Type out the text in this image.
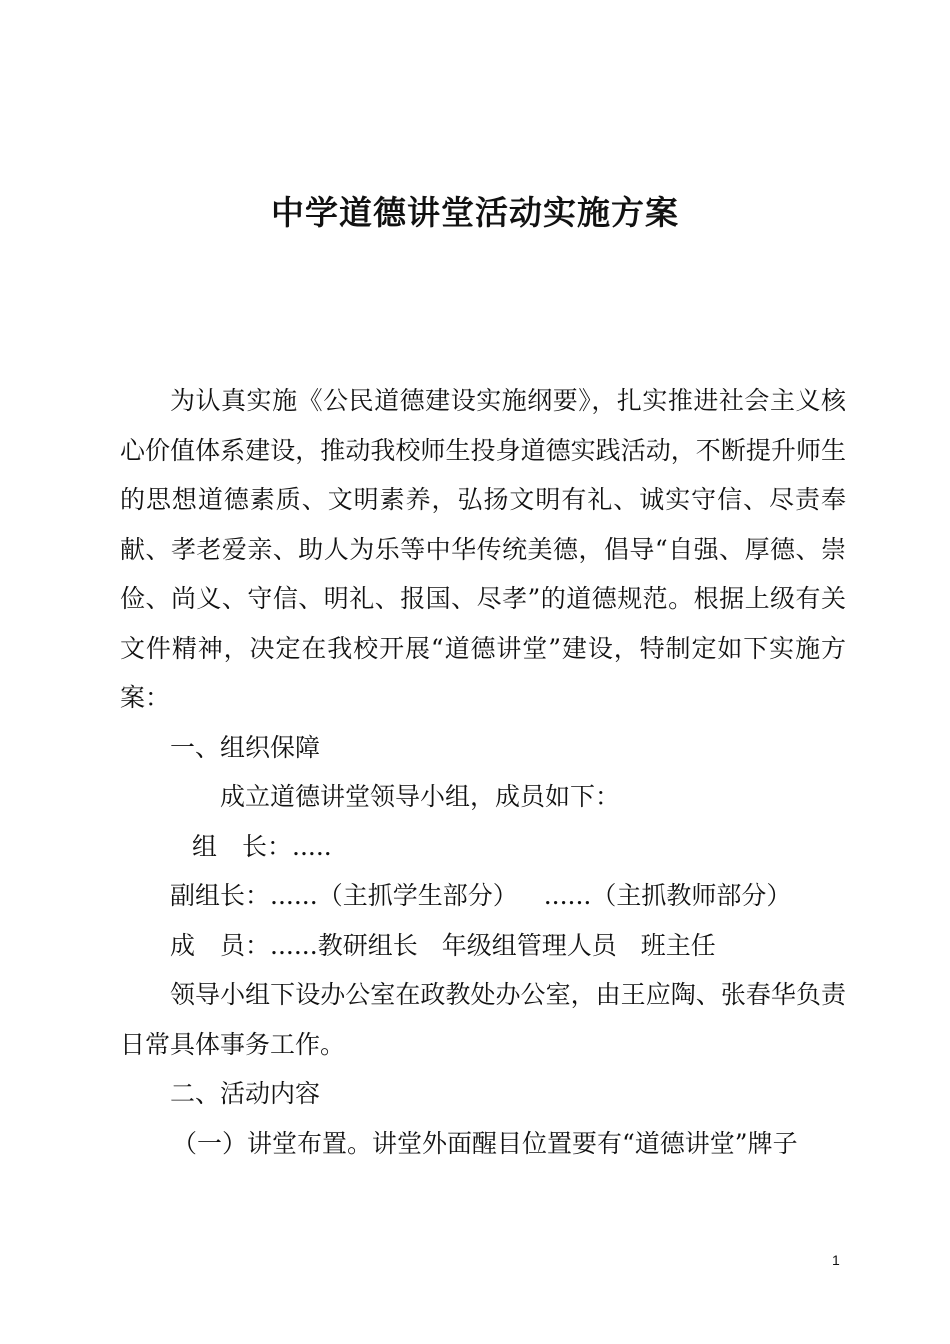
中学道德讲堂活动实施方案

为认真实施《公民道德建设实施纲要》，扎实推进社会主义核心价值体系建设，推动我校师生投身道德实践活动，不断提升师生的思想道德素质、文明素养，弘扬文明有礼、诚实守信、尽责奉献、孝老爱亲、助人为乐等中华传统美德，倡导“自强、厚德、崇俭、尚义、守信、明礼、报国、尽孝”的道德规范。根据上级有关文件精神，决定在我校开展“道德讲堂”建设，特制定如下实施方案：

一、组织保障

成立道德讲堂领导小组，成员如下：

组　长：.....

副组长：......（主抓学生部分） ......（主抓教师部分）

成　员：......教研组长 年级组管理人员 班主任

领导小组下设办公室在政教处办公室，由王应陶、张春华负责日常具体事务工作。

二、活动内容

（一）讲堂布置。讲堂外面醒目位置要有“道德讲堂”牌子

1
